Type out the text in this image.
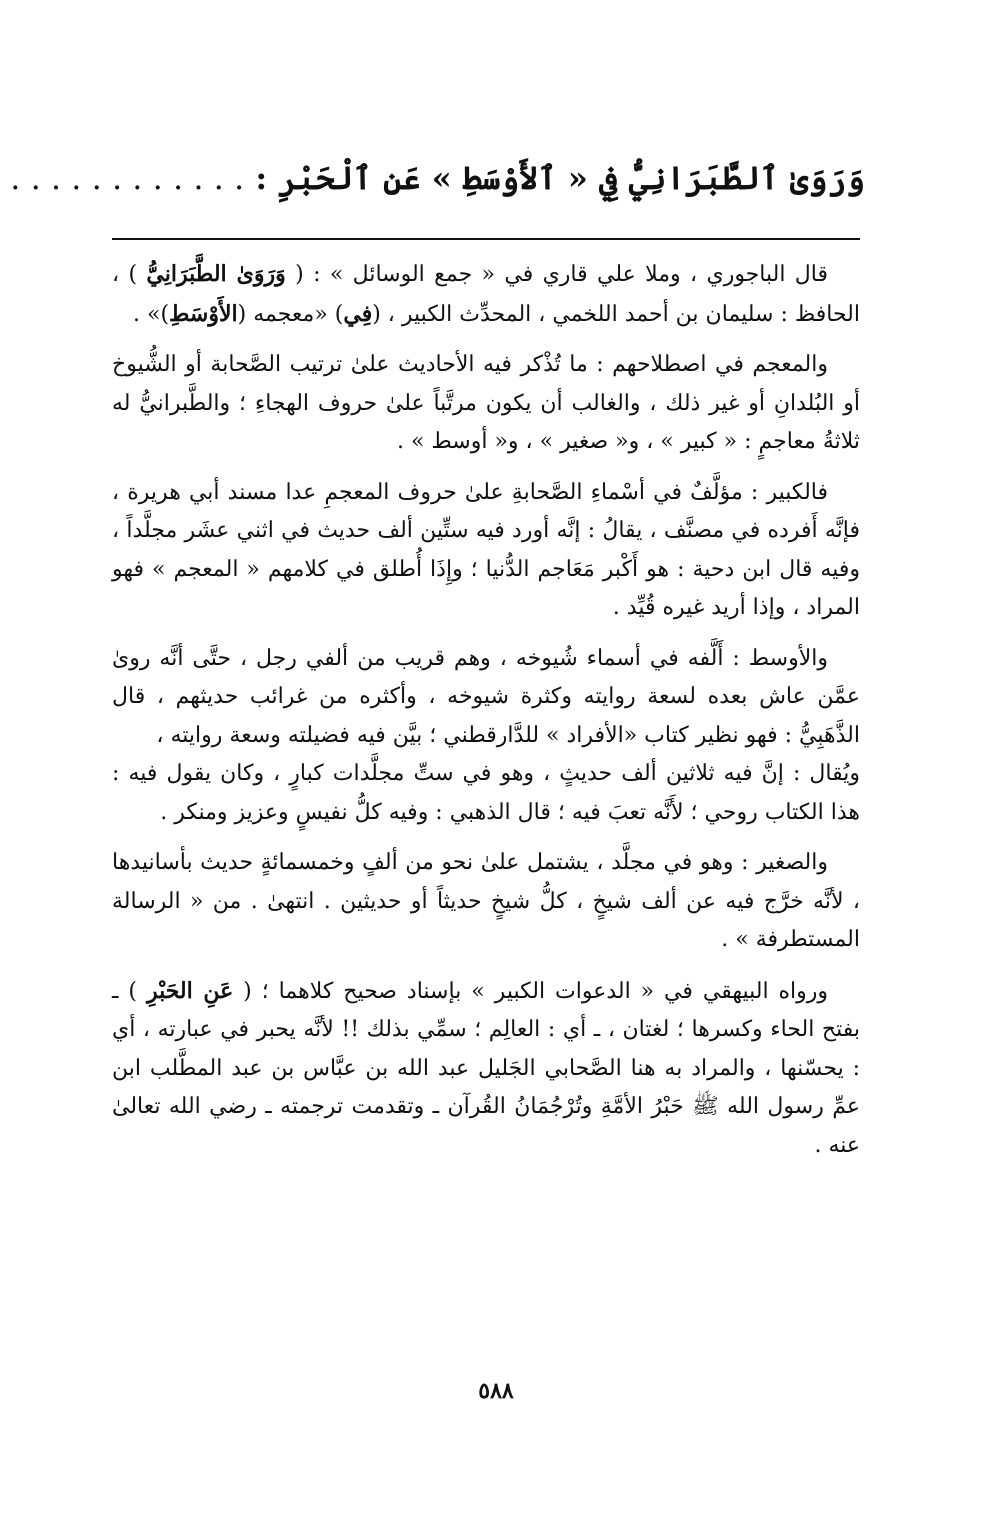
وَرَوَىٰ ٱلطَّبَرَانِيُّ فِي « ٱلأَوْسَطِ » عَنِ ٱلْحَبْرِ : . . . . . . . . . . . .

قال الباجوري ، وملا علي قاري في « جمع الوسائل » : ( وَرَوَىٰ الطَّبَرَانِيُّ ) ، الحافظ : سليمان بن أحمد اللخمي ، المحدِّث الكبير ، (فِي) «معجمه (الأَوْسَطِ)» .

والمعجم في اصطلاحهم : ما تُذْكر فيه الأحاديث علىٰ ترتيب الصَّحابة أو الشُّيوخ أو البُلدانِ أو غير ذلك ، والغالب أن يكون مرتَّباً علىٰ حروف الهجاءِ ؛ والطَّبرانيُّ له ثلاثةُ معاجمٍ : « كبير » ، و« صغير » ، و« أوسط » .

فالكبير : مؤلَّفٌ في أسْماءِ الصَّحابةِ علىٰ حروف المعجمِ عدا مسند أبي هريرة ، فإنَّه أَفرده في مصنَّف ، يقالُ : إنَّه أورد فيه ستِّين ألف حديث في اثني عشَر مجلَّداً ، وفيه قال ابن دحية : هو أَكْبر مَعَاجم الدُّنيا ؛ وإِذَا أُطلق في كلامهم « المعجم » فهو المراد ، وإذا أريد غيره قُيِّد .

والأوسط : أَلَّفه في أسماء شُيوخه ، وهم قريب من ألفي رجل ، حتَّى أنَّه روىٰ عمَّن عاش بعده لسعة روايته وكثرة شيوخه ، وأكثره من غرائب حديثهم ، قال الذَّهَبِيُّ : فهو نظير كتاب «الأفراد » للدَّارقطني ؛ بيَّن فيه فضيلته وسعة روايته ،

ويُقال : إنَّ فيه ثلاثين ألف حديثٍ ، وهو في ستِّ مجلَّدات كبارٍ ، وكان يقول فيه : هذا الكتاب روحي ؛ لأَنَّه تعبَ فيه ؛ قال الذهبي : وفيه كلُّ نفيسٍ وعزيز ومنكر .

والصغير : وهو في مجلَّد ، يشتمل علىٰ نحو من ألفٍ وخمسمائةٍ حديث بأسانيدها ، لأنَّه خرَّج فيه عن ألف شيخٍ ، كلُّ شيخٍ حديثاً أو حديثين . انتهىٰ . من « الرسالة المستطرفة » .

ورواه البيهقي في « الدعوات الكبير » بإسناد صحيح كلاهما ؛ ( عَنِ الحَبْرِ ) ـ بفتح الحاء وكسرها ؛ لغتان ، ـ أي : العالِم ؛ سمِّي بذلك !! لأنَّه يحبر في عبارته ، أي : يحسّنها ، والمراد به هنا الصَّحابي الجَليل عبد الله بن عبَّاس بن عبد المطَّلب ابن عمِّ رسول الله ﷺ حَبْرُ الأمَّةِ وتُرْجُمَانُ القُرآن ـ وتقدمت ترجمته ـ رضي الله تعالىٰ عنه .

٥٨٨
